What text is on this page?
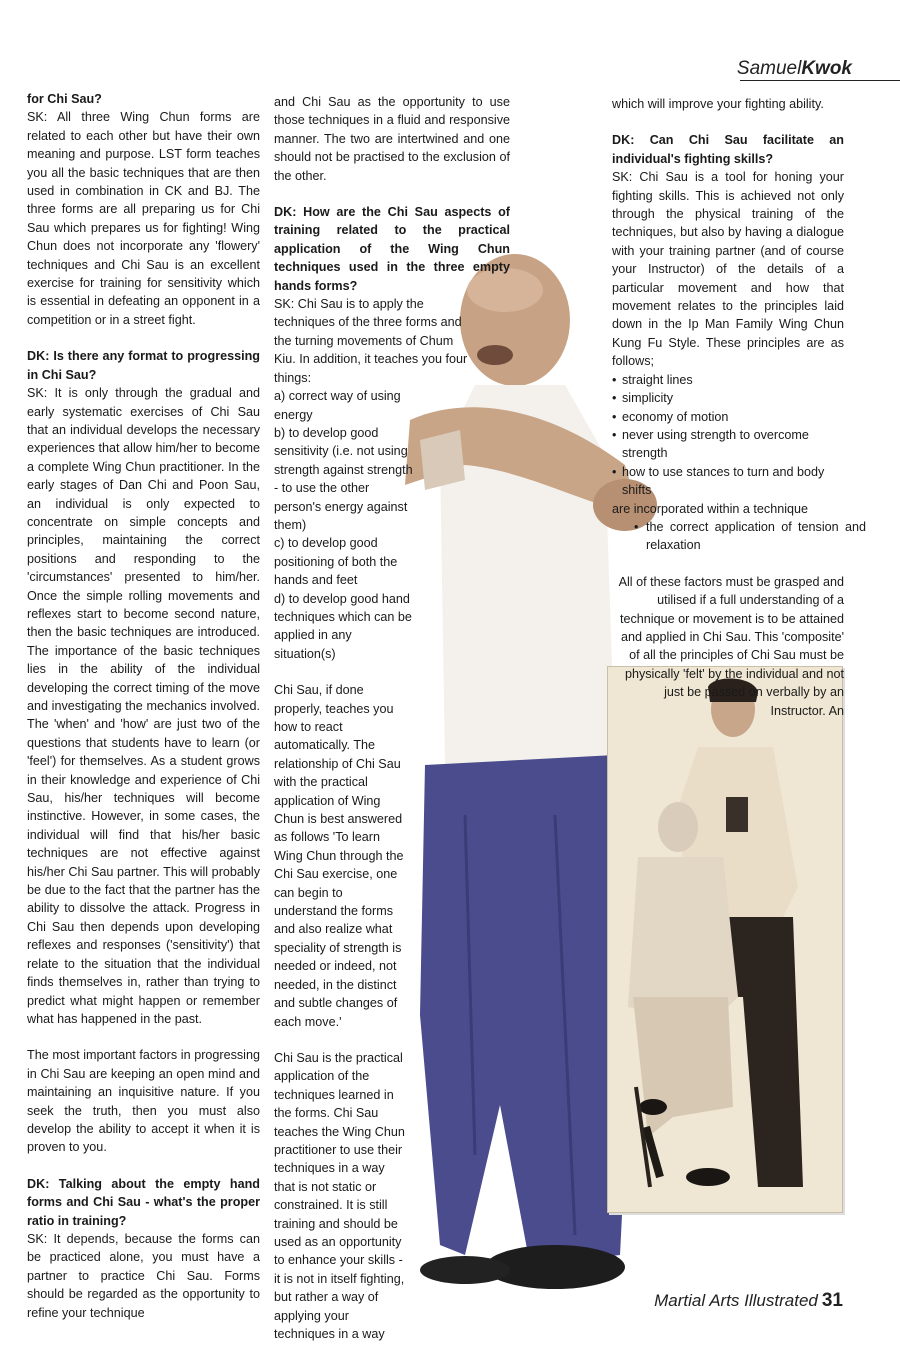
SamuelKwok

for Chi Sau?
SK: All three Wing Chun forms are related to each other but have their own meaning and purpose. LST form teaches you all the basic techniques that are then used in combination in CK and BJ. The three forms are all preparing us for Chi Sau which prepares us for fighting! Wing Chun does not incorporate any 'flowery' techniques and Chi Sau is an excellent exercise for training for sensitivity which is essential in defeating an opponent in a competition or in a street fight.

DK: Is there any format to progressing in Chi Sau?
SK: It is only through the gradual and early systematic exercises of Chi Sau that an individual develops the necessary experiences that allow him/her to become a complete Wing Chun practitioner. In the early stages of Dan Chi and Poon Sau, an individual is only expected to concentrate on simple concepts and principles, maintaining the correct positions and responding to the 'circumstances' presented to him/her. Once the simple rolling movements and reflexes start to become second nature, then the basic techniques are introduced. The importance of the basic techniques lies in the ability of the individual developing the correct timing of the move and investigating the mechanics involved. The 'when' and 'how' are just two of the questions that students have to learn (or 'feel') for themselves. As a student grows in their knowledge and experience of Chi Sau, his/her techniques will become instinctive. However, in some cases, the individual will find that his/her basic techniques are not effective against his/her Chi Sau partner. This will probably be due to the fact that the partner has the ability to dissolve the attack. Progress in Chi Sau then depends upon developing reflexes and responses ('sensitivity') that relate to the situation that the individual finds themselves in, rather than trying to predict what might happen or remember what has happened in the past.

The most important factors in progressing in Chi Sau are keeping an open mind and maintaining an inquisitive nature. If you seek the truth, then you must also develop the ability to accept it when it is proven to you.

DK: Talking about the empty hand forms and Chi Sau - what's the proper ratio in training?
SK: It depends, because the forms can be practiced alone, you must have a partner to practice Chi Sau. Forms should be regarded as the opportunity to refine your technique

and Chi Sau as the opportunity to use those techniques in a fluid and responsive manner. The two are intertwined and one should not be practised to the exclusion of the other.

DK: How are the Chi Sau aspects of training related to the practical application of the Wing Chun techniques used in the three empty hands forms?

SK: Chi Sau is to apply the techniques of the three forms and the turning movements of Chum Kiu. In addition, it teaches you four things:
a) correct way of using energy
b) to develop good sensitivity (i.e. not using strength against strength - to use the other person's energy against them)
c) to develop good positioning of both the hands and feet
d) to develop good hand techniques which can be applied in any situation(s)

Chi Sau, if done properly, teaches you how to react automatically. The relationship of Chi Sau with the practical application of Wing Chun is best answered as follows 'To learn Wing Chun through the Chi Sau exercise, one can begin to understand the forms and also realize what speciality of strength is needed or indeed, not needed, in the distinct and subtle changes of each move.'

Chi Sau is the practical application of the techniques learned in the forms. Chi Sau teaches the Wing Chun practitioner to use their techniques in a way that is not static or constrained. It is still training and should be used as an opportunity to enhance your skills - it is not in itself fighting, but rather a way of applying your techniques in a way

which will improve your fighting ability.

DK: Can Chi Sau facilitate an individual's fighting skills?
SK: Chi Sau is a tool for honing your fighting skills. This is achieved not only through the physical training of the techniques, but also by having a dialogue with your training partner (and of course your Instructor) of the details of a particular movement and how that movement relates to the principles laid down in the Ip Man Family Wing Chun Kung Fu Style. These principles are as follows;
• straight lines
• simplicity
• economy of motion
• never using strength to overcome strength
• how to use stances to turn and body shifts
are incorporated within a technique
• the correct application of tension and relaxation

All of these factors must be grasped and utilised if a full understanding of a technique or movement is to be attained and applied in Chi Sau. This 'composite' of all the principles of Chi Sau must be physically 'felt' by the individual and not just be passed on verbally by an Instructor. An

Martial Arts Illustrated 31
